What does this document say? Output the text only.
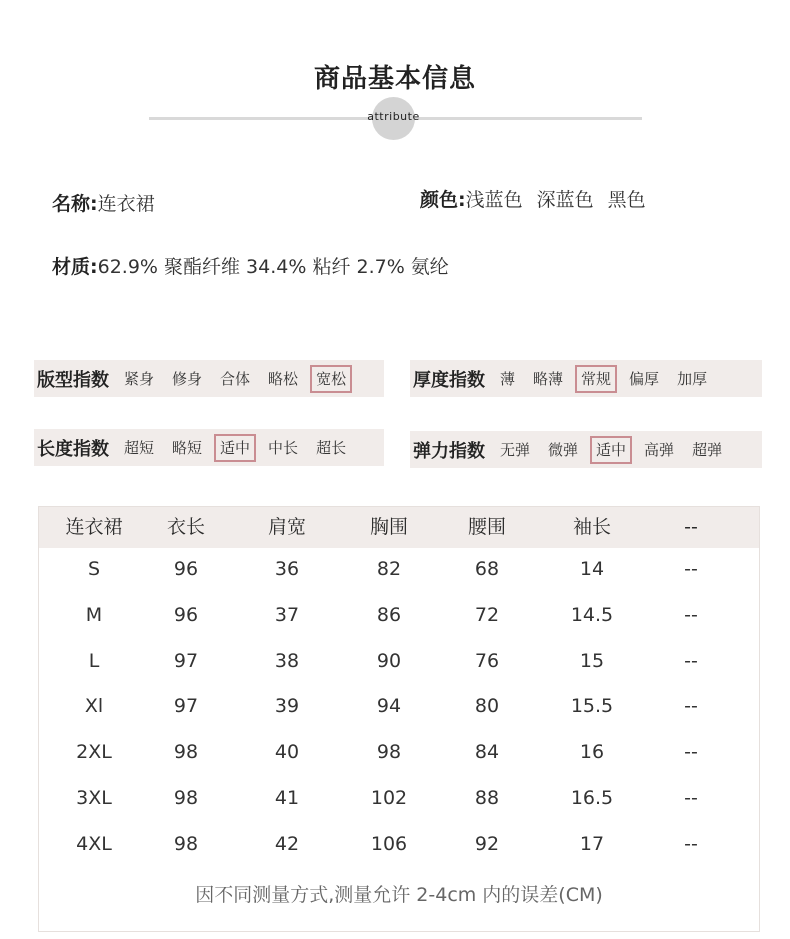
商品基本信息
attribute
名称:连衣裙	颜色:浅蓝色 深蓝色 黑色
材质:62.9% 聚酯纤维 34.4% 粘纤 2.7% 氨纶
版型指数	紧身	修身	合体	略松	宽松	厚度指数	薄	略薄	常规	偏厚	加厚
长度指数	超短	略短	适中	中长	超长	弹力指数	无弹	微弹	适中	高弹	超弹
连衣裙	衣长	肩宽	胸围	腰围	袖长	--
S	96	36	82	68	14	--
M	96	37	86	72	14.5	--
L	97	38	90	76	15	--
Xl	97	39	94	80	15.5	--
2XL	98	40	98	84	16	--
3XL	98	41	102	88	16.5	--
4XL	98	42	106	92	17	--
因不同测量方式,测量允许 2-4cm 内的误差(CM)
